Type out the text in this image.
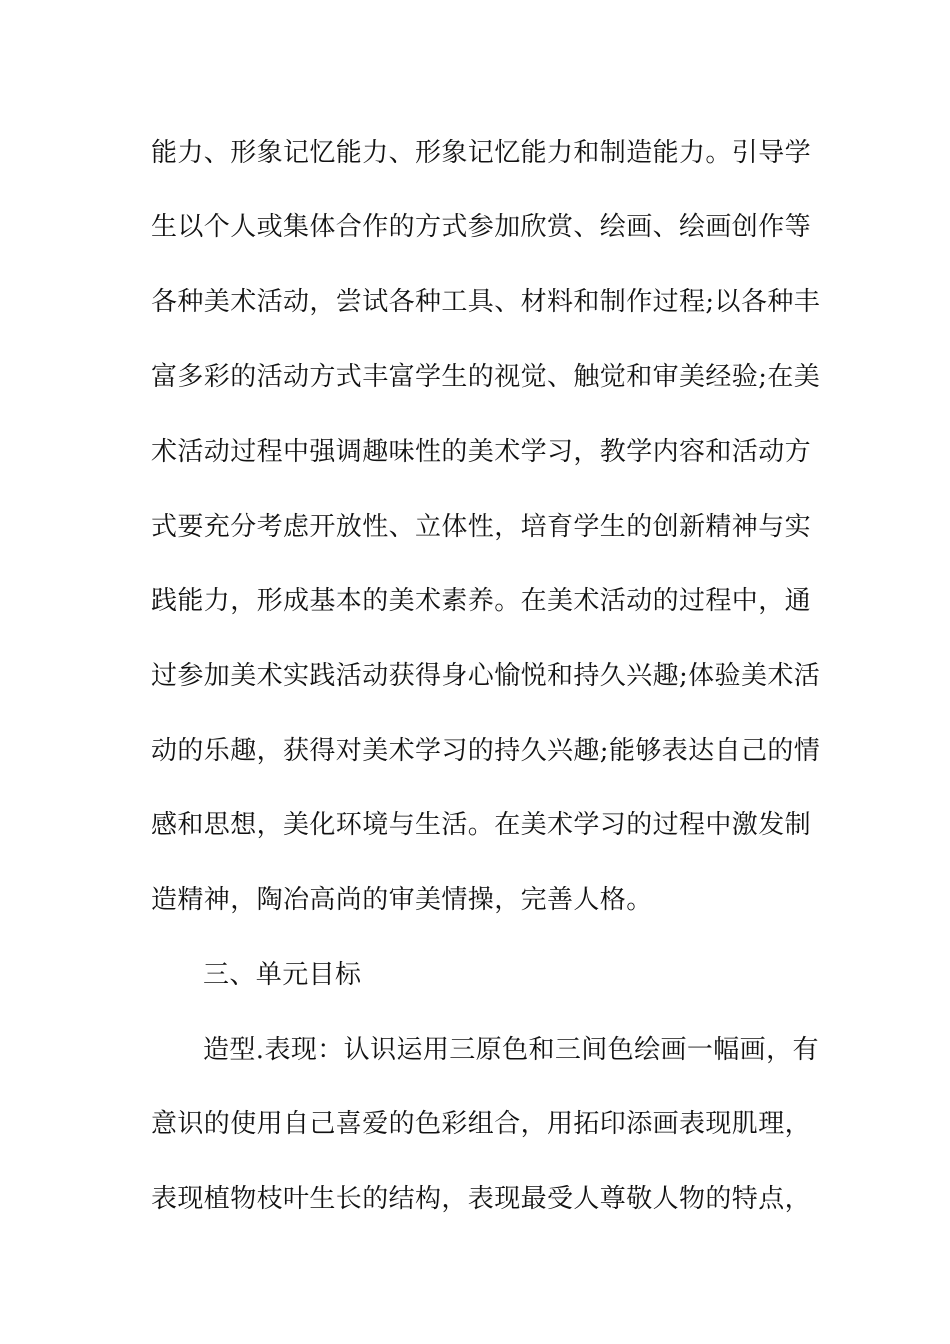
能力、形象记忆能力、形象记忆能力和制造能力。引导学
生以个人或集体合作的方式参加欣赏、绘画、绘画创作等
各种美术活动，尝试各种工具、材料和制作过程;以各种丰
富多彩的活动方式丰富学生的视觉、触觉和审美经验;在美
术活动过程中强调趣味性的美术学习，教学内容和活动方
式要充分考虑开放性、立体性，培育学生的创新精神与实
践能力，形成基本的美术素养。在美术活动的过程中，通
过参加美术实践活动获得身心愉悦和持久兴趣;体验美术活
动的乐趣，获得对美术学习的持久兴趣;能够表达自己的情
感和思想，美化环境与生活。在美术学习的过程中激发制
造精神，陶冶高尚的审美情操，完善人格。
三、单元目标
造型.表现：认识运用三原色和三间色绘画一幅画，有
意识的使用自己喜爱的色彩组合，用拓印添画表现肌理，
表现植物枝叶生长的结构，表现最受人尊敬人物的特点，
